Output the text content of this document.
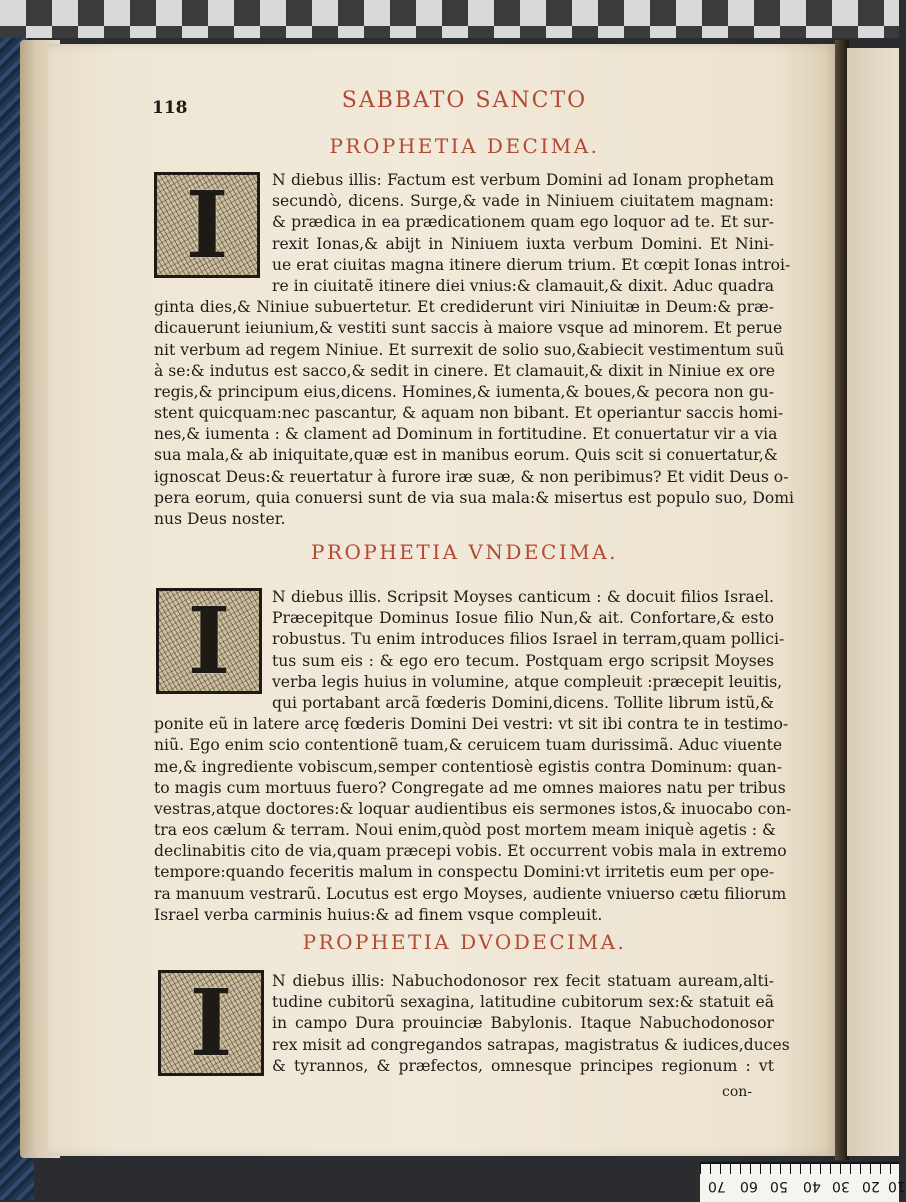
10
20
30
40
50
60
70
118	SABBATO SANCTO
PROPHETIA DECIMA.
I	N diebus illis: Factum est verbum Domini ad Ionam prophetam
secundò, dicens. Surge,& vade in Niniuem ciuitatem magnam:
& prædica in ea prædicationem quam ego loquor ad te. Et sur-
rexit Ionas,& abijt in Niniuem iuxta verbum Domini. Et Nini-
ue erat ciuitas magna itinere dierum trium. Et cœpit Ionas introi-
re in ciuitatẽ itinere diei vnius:& clamauit,& dixit. Aduc quadra
ginta dies,& Niniue subuertetur. Et crediderunt viri Niniuitæ in Deum:& præ-
dicauerunt ieiunium,& vestiti sunt saccis à maiore vsque ad minorem. Et perue
nit verbum ad regem Niniue. Et surrexit de solio suo,&abiecit vestimentum suũ
à se:& indutus est sacco,& sedit in cinere. Et clamauit,& dixit in Niniue ex ore
regis,& principum eius,dicens. Homines,& iumenta,& boues,& pecora non gu-
stent quicquam:nec pascantur, & aquam non bibant. Et operiantur saccis homi-
nes,& iumenta : & clament ad Dominum in fortitudine. Et conuertatur vir a via
sua mala,& ab iniquitate,quæ est in manibus eorum. Quis scit si conuertatur,&
ignoscat Deus:& reuertatur à furore iræ suæ, & non peribimus? Et vidit Deus o-
pera eorum, quia conuersi sunt de via sua mala:& misertus est populo suo, Domi
nus Deus noster.
PROPHETIA VNDECIMA.
I	N diebus illis. Scripsit Moyses canticum : & docuit filios Israel.
Præcepitque Dominus Iosue filio Nun,& ait. Confortare,& esto
robustus. Tu enim introduces filios Israel in terram,quam pollici-
tus sum eis : & ego ero tecum. Postquam ergo scripsit Moyses
verba legis huius in volumine, atque compleuit :præcepit leuitis,
qui portabant arcã fœderis Domini,dicens. Tollite librum istũ,&
ponite eũ in latere arcę fœderis Domini Dei vestri: vt sit ibi contra te in testimo-
niũ. Ego enim scio contentionẽ tuam,& ceruicem tuam durissimã. Aduc viuente
me,& ingrediente vobiscum,semper contentiosè egistis contra Dominum: quan-
to magis cum mortuus fuero? Congregate ad me omnes maiores natu per tribus
vestras,atque doctores:& loquar audientibus eis sermones istos,& inuocabo con-
tra eos cælum & terram. Noui enim,quòd post mortem meam iniquè agetis : &
declinabitis cito de via,quam præcepi vobis. Et occurrent vobis mala in extremo
tempore:quando feceritis malum in conspectu Domini:vt irritetis eum per ope-
ra manuum vestrarũ. Locutus est ergo Moyses, audiente vniuerso cætu filiorum
Israel verba carminis huius:& ad finem vsque compleuit.
PROPHETIA DVODECIMA.
I	N diebus illis: Nabuchodonosor rex fecit statuam auream,alti-
tudine cubitorũ sexagina, latitudine cubitorum sex:& statuit eã
in campo Dura prouinciæ Babylonis. Itaque Nabuchodonosor
rex misit ad congregandos satrapas, magistratus & iudices,duces
& tyrannos, & præfectos, omnesque principes regionum : vt
con-
